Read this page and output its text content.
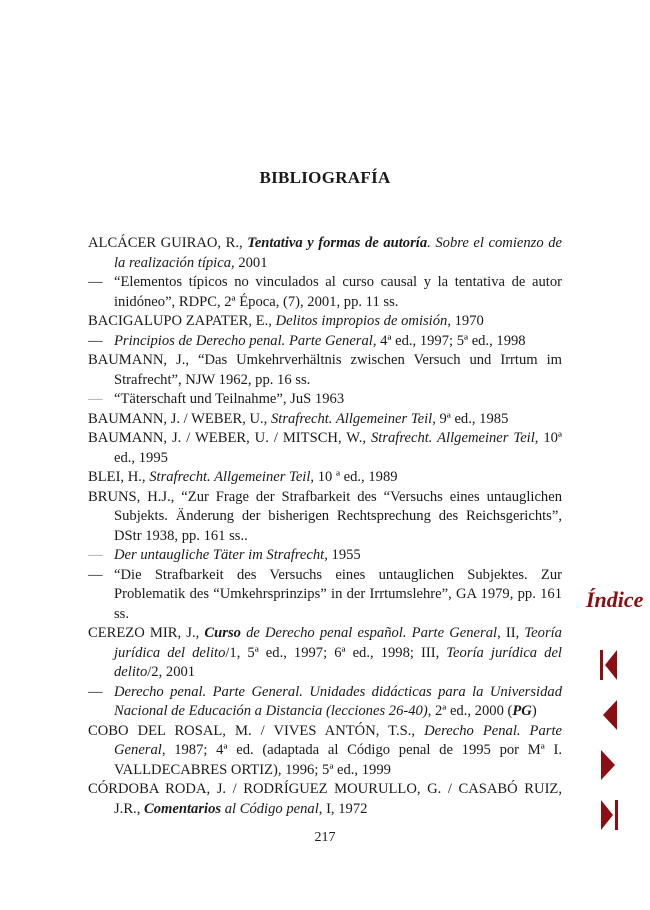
BIBLIOGRAFÍA
ALCÁCER GUIRAO, R., Tentativa y formas de autoría. Sobre el comienzo de la realización típica, 2001
— “Elementos típicos no vinculados al curso causal y la tentativa de autor inidóneo”, RDPC, 2ª Época, (7), 2001, pp. 11 ss.
BACIGALUPO ZAPATER, E., Delitos impropios de omisión, 1970
— Principios de Derecho penal. Parte General, 4ª ed., 1997; 5ª ed., 1998
BAUMANN, J., “Das Umkehrverhältnis zwischen Versuch und Irrtum im Strafrecht”, NJW 1962, pp. 16 ss.
— “Täterschaft und Teilnahme”, JuS 1963
BAUMANN, J. / WEBER, U., Strafrecht. Allgemeiner Teil, 9ª ed., 1985
BAUMANN, J. / WEBER, U. / MITSCH, W., Strafrecht. Allgemeiner Teil, 10ª ed., 1995
BLEI, H., Strafrecht. Allgemeiner Teil, 10 ª ed., 1989
BRUNS, H.J., “Zur Frage der Strafbarkeit des “Versuchs eines untauglichen Subjekts. Änderung der bisherigen Rechtsprechung des Reichsgerichts”, DStr 1938, pp. 161 ss..
— Der untaugliche Täter im Strafrecht, 1955
— “Die Strafbarkeit des Versuchs eines untauglichen Subjektes. Zur Problematik des “Umkehrsprinzips” in der Irrtumslehre”, GA 1979, pp. 161 ss.
CEREZO MIR, J., Curso de Derecho penal español. Parte General, II, Teoría jurídica del delito/1, 5ª ed., 1997; 6ª ed., 1998; III, Teoría jurídica del delito/2, 2001
— Derecho penal. Parte General. Unidades didácticas para la Universidad Nacional de Educación a Distancia (lecciones 26-40), 2ª ed., 2000 (PG)
COBO DEL ROSAL, M. / VIVES ANTÓN, T.S., Derecho Penal. Parte General, 1987; 4ª ed. (adaptada al Código penal de 1995 por Mª I. VALLDECABRES ORTIZ), 1996; 5ª ed., 1999
CÓRDOBA RODA, J. / RODRÍGUEZ MOURULLO, G. / CASABÓ RUIZ, J.R., Comentarios al Código penal, I, 1972
217
Índice
